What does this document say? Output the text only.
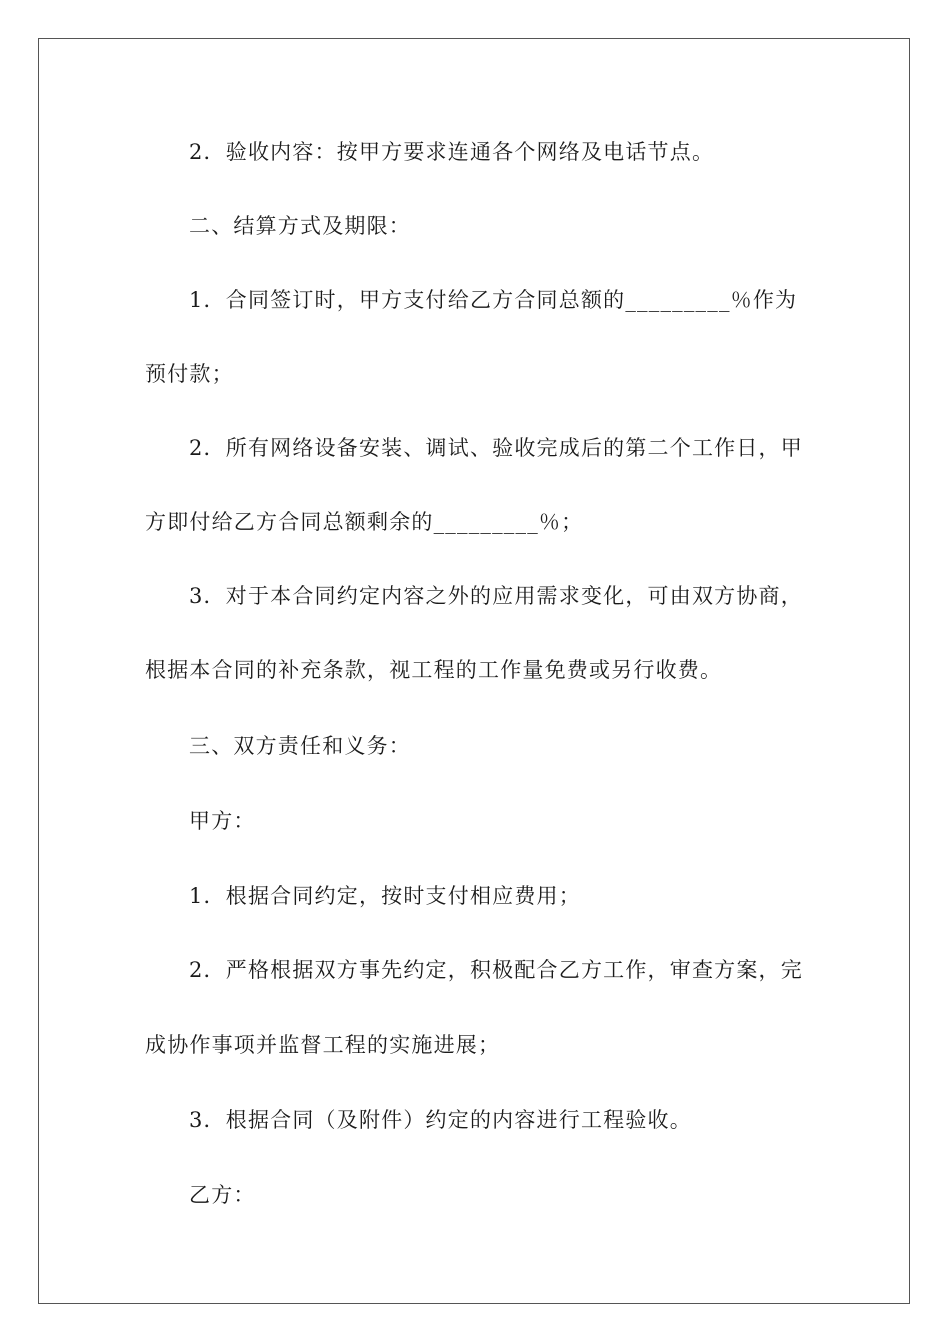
2．验收内容：按甲方要求连通各个网络及电话节点。
二、结算方式及期限：
1．合同签订时，甲方支付给乙方合同总额的_________％作为
预付款；
2．所有网络设备安装、调试、验收完成后的第二个工作日，甲
方即付给乙方合同总额剩余的_________％；
3．对于本合同约定内容之外的应用需求变化，可由双方协商，
根据本合同的补充条款，视工程的工作量免费或另行收费。
三、双方责任和义务：
甲方：
1．根据合同约定，按时支付相应费用；
2．严格根据双方事先约定，积极配合乙方工作，审查方案，完
成协作事项并监督工程的实施进展；
3．根据合同（及附件）约定的内容进行工程验收。
乙方：
